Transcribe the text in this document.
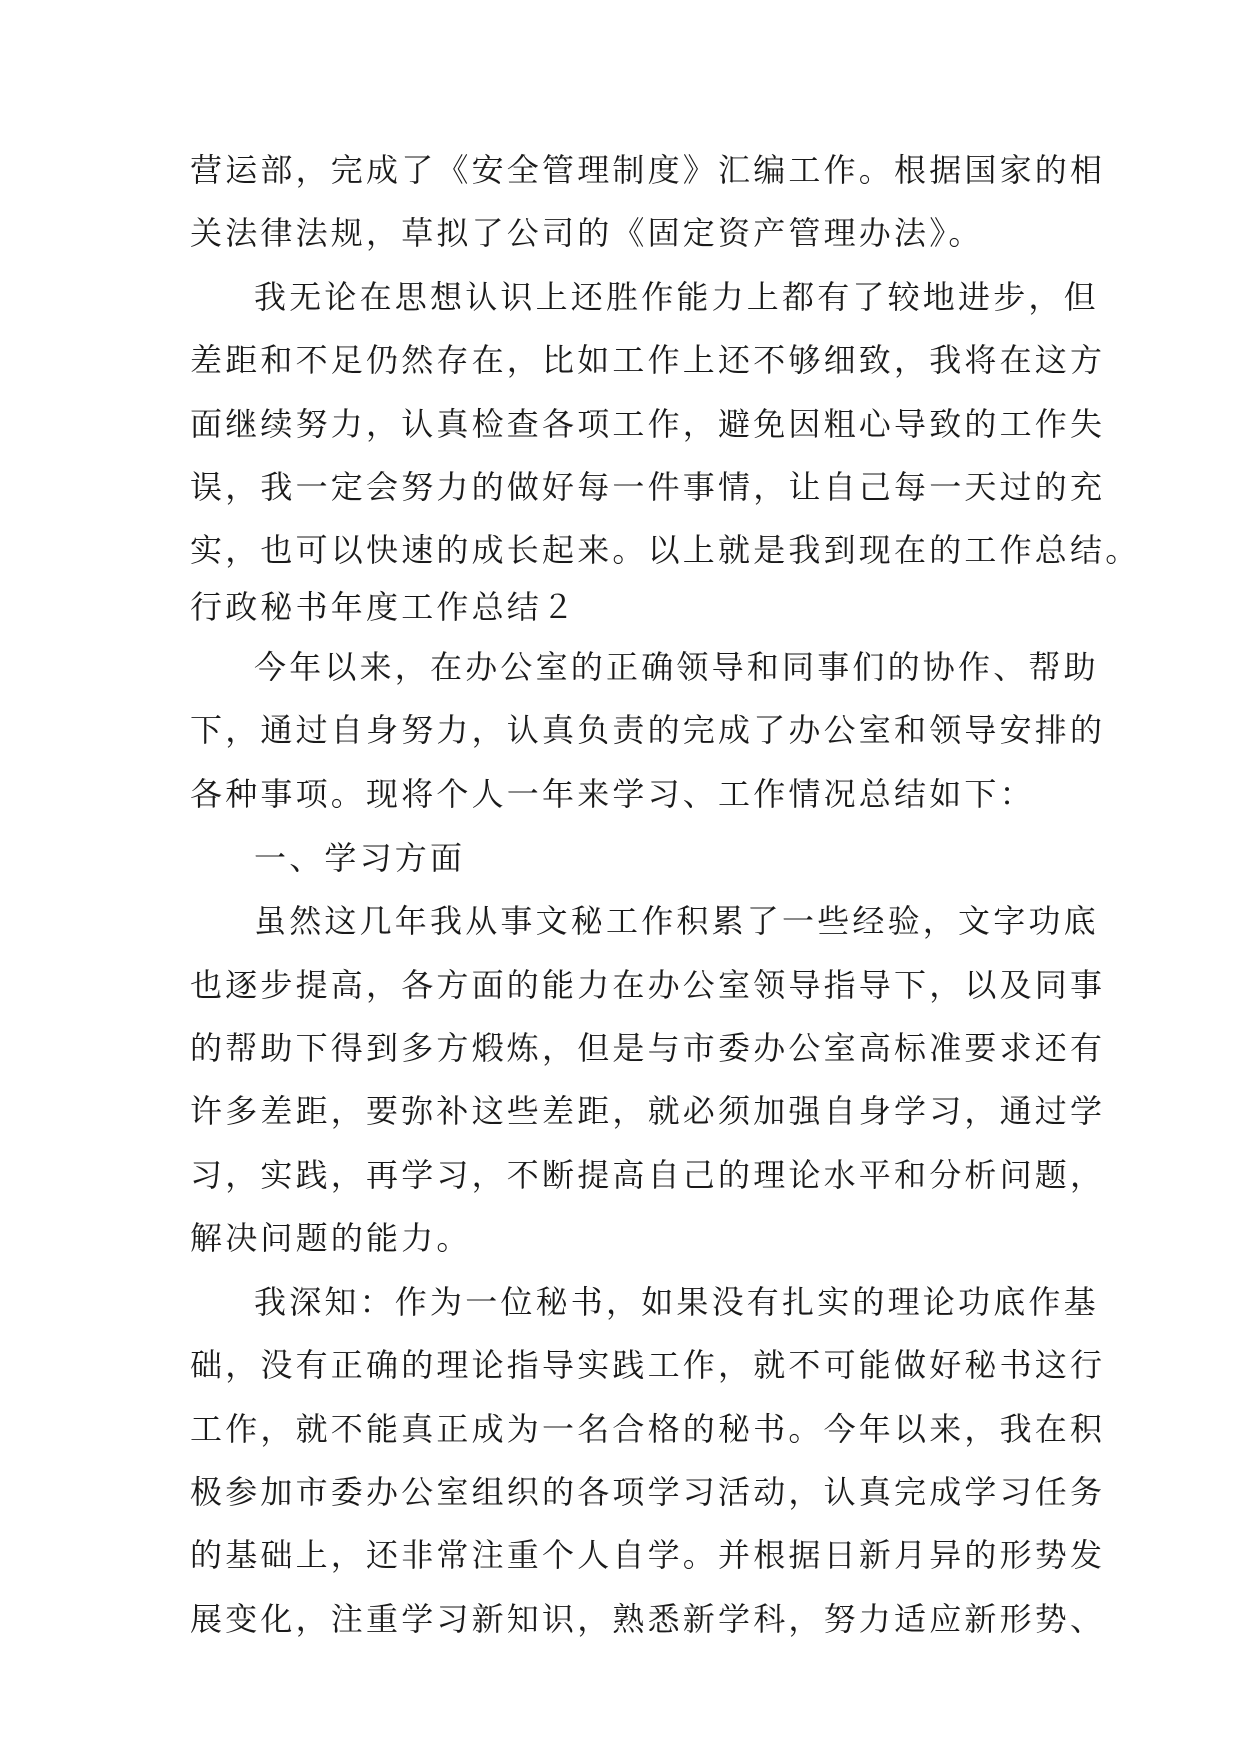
营运部，完成了《安全管理制度》汇编工作。根据国家的相
关法律法规，草拟了公司的《固定资产管理办法》。
我无论在思想认识上还胜作能力上都有了较地进步，但
差距和不足仍然存在，比如工作上还不够细致，我将在这方
面继续努力，认真检查各项工作，避免因粗心导致的工作失
误，我一定会努力的做好每一件事情，让自己每一天过的充
实，也可以快速的成长起来。以上就是我到现在的工作总结。
行政秘书年度工作总结２
今年以来，在办公室的正确领导和同事们的协作、帮助
下，通过自身努力，认真负责的完成了办公室和领导安排的
各种事项。现将个人一年来学习、工作情况总结如下：
一、学习方面
虽然这几年我从事文秘工作积累了一些经验，文字功底
也逐步提高，各方面的能力在办公室领导指导下，以及同事
的帮助下得到多方煅炼，但是与市委办公室高标准要求还有
许多差距，要弥补这些差距，就必须加强自身学习，通过学
习，实践，再学习，不断提高自己的理论水平和分析问题，
解决问题的能力。
我深知：作为一位秘书，如果没有扎实的理论功底作基
础，没有正确的理论指导实践工作，就不可能做好秘书这行
工作，就不能真正成为一名合格的秘书。今年以来，我在积
极参加市委办公室组织的各项学习活动，认真完成学习任务
的基础上，还非常注重个人自学。并根据日新月异的形势发
展变化，注重学习新知识，熟悉新学科，努力适应新形势、
